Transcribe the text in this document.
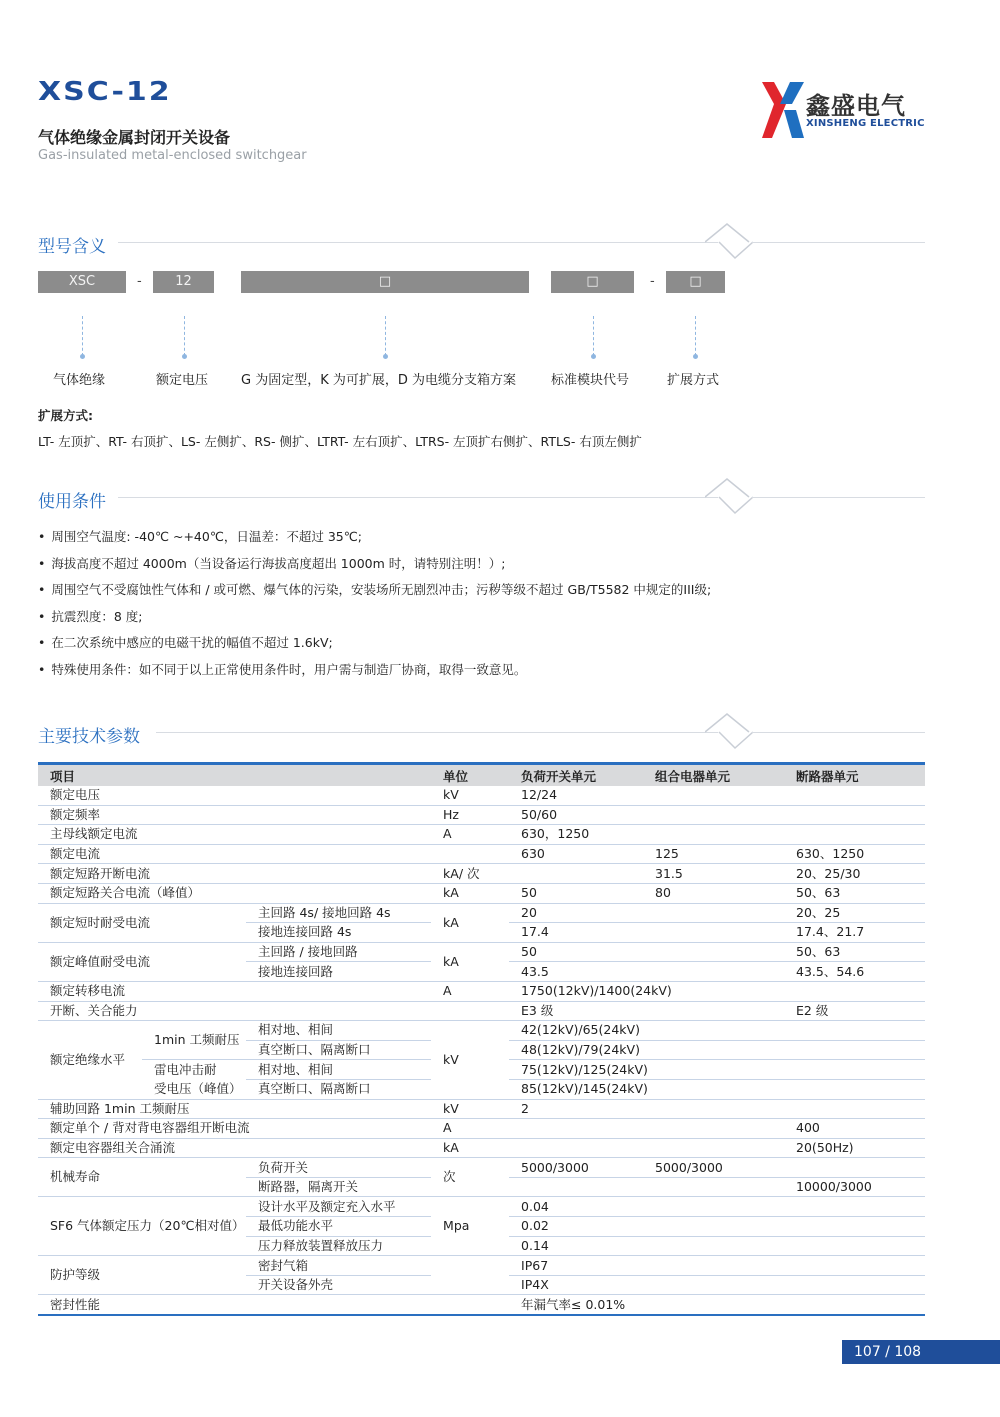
XSC-12
气体绝缘金属封闭开关设备
Gas-insulated metal-enclosed switchgear
鑫盛电气
XINSHENG ELECTRIC
型号含义
XSC	-	12	□	□	-	□
气体绝缘	额定电压	G 为固定型，K 为可扩展，D 为电缆分支箱方案	标准模块代号	扩展方式
扩展方式:
LT- 左顶扩、RT- 右顶扩、LS- 左侧扩、RS- 侧扩、LTRT- 左右顶扩、LTRS- 左顶扩右侧扩、RTLS- 右顶左侧扩
使用条件
• 周围空气温度: -40℃ ~+40℃，日温差：不超过 35℃;
• 海拔高度不超过 4000m（当设备运行海拔高度超出 1000m 时，请特别注明！）;
• 周围空气不受腐蚀性气体和 / 或可燃、爆气体的污染，安装场所无剧烈冲击；污秽等级不超过 GB/T5582 中规定的III级;
• 抗震烈度：8 度;
• 在二次系统中感应的电磁干扰的幅值不超过 1.6kV;
• 特殊使用条件：如不同于以上正常使用条件时，用户需与制造厂协商，取得一致意见。
主要技术参数
项目			单位	负荷开关单元	组合电器单元	断路器单元
额定电压			kV	12/24		
额定频率			Hz	50/60		
主母线额定电流			A	630，1250		
额定电流				630	125	630、1250
额定短路开断电流			kA/ 次		31.5	20、25/30
额定短路关合电流（峰值）			kA	50	80	50、63
额定短时耐受电流		主回路 4s/ 接地回路 4s	kA	20		20、25
		接地连接回路 4s		17.4		17.4、21.7
额定峰值耐受电流		主回路 / 接地回路	kA	50		50、63
		接地连接回路		43.5		43.5、54.6
额定转移电流			A	1750(12kV)/1400(24kV)		
开断、关合能力				E3 级		E2 级
额定绝缘水平	1min 工频耐压	相对地、相间	kV	42(12kV)/65(24kV)		
		真空断口、隔离断口		48(12kV)/79(24kV)		
	雷电冲击耐	相对地、相间		75(12kV)/125(24kV)		
	受电压（峰值）	真空断口、隔离断口		85(12kV)/145(24kV)		
辅助回路 1min 工频耐压			kV	2		
额定单个 / 背对背电容器组开断电流			A			400
额定电容器组关合涌流			kA			20(50Hz)
机械寿命		负荷开关	次	5000/3000	5000/3000	
		断路器，隔离开关				10000/3000
SF6 气体额定压力（20℃相对值）		设计水平及额定充入水平	Mpa	0.04		
		最低功能水平		0.02		
		压力释放装置释放压力		0.14		
防护等级		密封气箱		IP67		
		开关设备外壳		IP4X		
密封性能				年漏气率≤ 0.01%		
107 / 108
